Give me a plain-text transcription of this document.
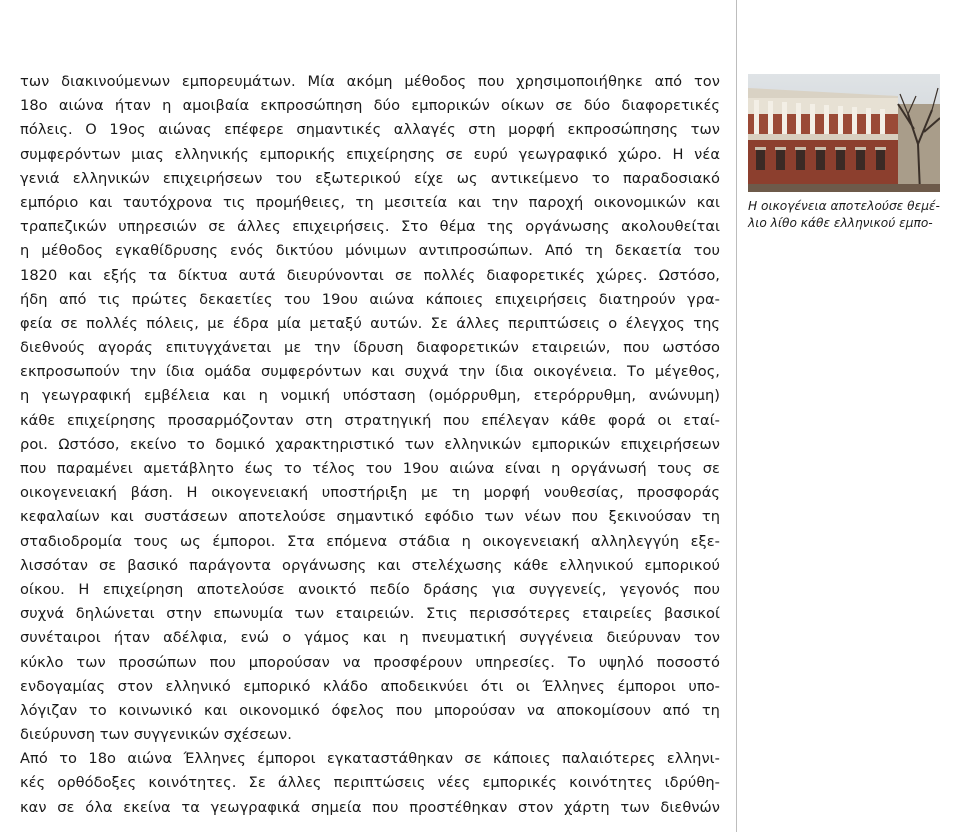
των διακινούμενων εμπορευμάτων. Μία ακόμη μέθοδος που χρησιμοποιήθηκε από τον
18ο αιώνα ήταν η αμοιβαία εκπροσώπηση δύο εμπορικών οίκων σε δύο διαφορετικές
πόλεις. Ο 19ος αιώνας επέφερε σημαντικές αλλαγές στη μορφή εκπροσώπησης των
συμφερόντων μιας ελληνικής εμπορικής επιχείρησης σε ευρύ γεωγραφικό χώρο. Η νέα
γενιά ελληνικών επιχειρήσεων του εξωτερικού είχε ως αντικείμενο το παραδοσιακό
εμπόριο και ταυτόχρονα τις προμήθειες, τη μεσιτεία και την παροχή οικονομικών και
τραπεζικών υπηρεσιών σε άλλες επιχειρήσεις. Στο θέμα της οργάνωσης ακολουθείται
η μέθοδος εγκαθίδρυσης ενός δικτύου μόνιμων αντιπροσώπων. Από τη δεκαετία του
1820 και εξής τα δίκτυα αυτά διευρύνονται σε πολλές διαφορετικές χώρες. Ωστόσο,
ήδη από τις πρώτες δεκαετίες του 19ου αιώνα κάποιες επιχειρήσεις διατηρούν γρα-
φεία σε πολλές πόλεις, με έδρα μία μεταξύ αυτών. Σε άλλες περιπτώσεις ο έλεγχος της
διεθνούς αγοράς επιτυγχάνεται με την ίδρυση διαφορετικών εταιρειών, που ωστόσο
εκπροσωπούν την ίδια ομάδα συμφερόντων και συχνά την ίδια οικογένεια. Το μέγεθος,
η γεωγραφική εμβέλεια και η νομική υπόσταση (ομόρρυθμη, ετερόρρυθμη, ανώνυμη)
κάθε επιχείρησης προσαρμόζονταν στη στρατηγική που επέλεγαν κάθε φορά οι εταί-
ροι. Ωστόσο, εκείνο το δομικό χαρακτηριστικό των ελληνικών εμπορικών επιχειρήσεων
που παραμένει αμετάβλητο έως το τέλος του 19ου αιώνα είναι η οργάνωσή τους σε
οικογενειακή βάση. Η οικογενειακή υποστήριξη με τη μορφή νουθεσίας, προσφοράς
κεφαλαίων και συστάσεων αποτελούσε σημαντικό εφόδιο των νέων που ξεκινούσαν τη
σταδιοδρομία τους ως έμποροι. Στα επόμενα στάδια η οικογενειακή αλληλεγγύη εξε-
λισσόταν σε βασικό παράγοντα οργάνωσης και στελέχωσης κάθε ελληνικού εμπορικού
οίκου. Η επιχείρηση αποτελούσε ανοικτό πεδίο δράσης για συγγενείς, γεγονός που
συχνά δηλώνεται στην επωνυμία των εταιρειών. Στις περισσότερες εταιρείες βασικοί
συνέταιροι ήταν αδέλφια, ενώ ο γάμος και η πνευματική συγγένεια διεύρυναν τον
κύκλο των προσώπων που μπορούσαν να προσφέρουν υπηρεσίες. Το υψηλό ποσοστό
ενδογαμίας στον ελληνικό εμπορικό κλάδο αποδεικνύει ότι οι Έλληνες έμποροι υπο-
λόγιζαν το κοινωνικό και οικονομικό όφελος που μπορούσαν να αποκομίσουν από τη
διεύρυνση των συγγενικών σχέσεων.
Από το 18ο αιώνα Έλληνες έμποροι εγκαταστάθηκαν σε κάποιες παλαιότερες ελληνι-
κές ορθόδοξες κοινότητες. Σε άλλες περιπτώσεις νέες εμπορικές κοινότητες ιδρύθη-
καν σε όλα εκείνα τα γεωγραφικά σημεία που προστέθηκαν στον χάρτη των διεθνών
Η οικογένεια αποτελούσε θεμέ-
λιο λίθο κάθε ελληνικού εμπο-
